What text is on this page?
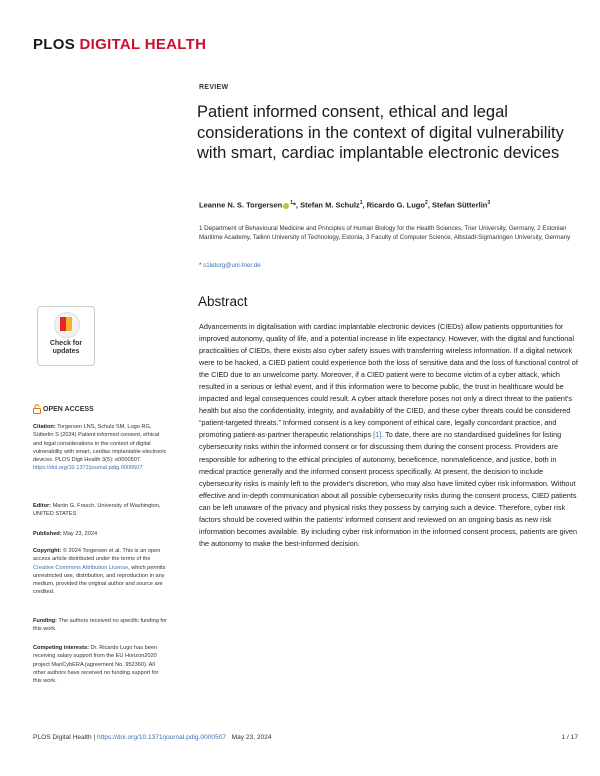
PLOS DIGITAL HEALTH
REVIEW
Patient informed consent, ethical and legal considerations in the context of digital vulnerability with smart, cardiac implantable electronic devices
Leanne N. S. Torgersen $^1$*, Stefan M. Schulz$^1$, Ricardo G. Lugo$^2$, Stefan Sütterlin$^3$
1 Department of Behavioural Medicine and Principles of Human Biology for the Health Sciences, Trier University, Germany, 2 Estonian Maritime Academy, Tallinn University of Technology, Estonia, 3 Faculty of Computer Science, Albstadt-Sigmaringen University, Germany
* s1letorg@uni-trier.de
Abstract
Advancements in digitalisation with cardiac implantable electronic devices (CIEDs) allow patients opportunities for improved autonomy, quality of life, and a potential increase in life expectancy. However, with the digital and functional practicalities of CIEDs, there exists also cyber safety issues with transferring wireless information. If a digital network were to be hacked, a CIED patient could experience both the loss of sensitive data and the loss of functional control of the CIED due to an unwelcome party. Moreover, if a CIED patient were to become victim of a cyber attack, which resulted in a serious or lethal event, and if this information were to become public, the trust in healthcare would be impacted and legal consequences could result. A cyber attack therefore poses not only a direct threat to the patient's health but also the confidentiality, integrity, and availability of the CIED, and these cyber threats could be considered “patient-targeted threats.” Informed consent is a key component of ethical care, legally concordant practice, and promoting patient-as-partner therapeutic relationships [1]. To date, there are no standardised guidelines for listing cybersecurity risks within the informed consent or for discussing them during the consent process. Providers are responsible for adhering to the ethical principles of autonomy, beneficence, nonmaleficence, and justice, both in medical practice generally and the informed consent process specifically. At present, the decision to include cybersecurity risks is mainly left to the provider's discretion, who may also have limited cyber risk information. Without effective and in-depth communication about all possible cybersecurity risks during the consent process, CIED patients can be left unaware of the privacy and physical risks they possess by carrying such a device. Therefore, cyber risk factors should be covered within the patients' informed consent and reviewed on an ongoing basis as new risk information becomes available. By including cyber risk information in the informed consent process, patients are given the autonomy to make the best-informed decision.
Check for
updates
OPEN ACCESS
Citation: Torgersen LNS, Schulz SM, Lugo RG, Sütterlin S (2024) Patient informed consent, ethical and legal considerations in the context of digital vulnerability with smart, cardiac implantable electronic devices. PLOS Digit Health 3(5): e0000507. https://doi.org/10.1371/journal.pdig.0000507
Editor: Martin G. Frasch, University of Washington, UNITED STATES
Published: May 23, 2024
Copyright: © 2024 Torgersen et al. This is an open access article distributed under the terms of the Creative Commons Attribution License, which permits unrestricted use, distribution, and reproduction in any medium, provided the original author and source are credited.
Funding: The authors received no specific funding for this work.
Competing interests: Dr. Ricardo Lugo has been receiving salary support from the EU Horizon2020 project MariCybERA (agreement No. 952360). All other authors have received no funding support for this work.
PLOS Digital Health | https://doi.org/10.1371/journal.pdig.0000507 May 23, 2024	1 / 17
